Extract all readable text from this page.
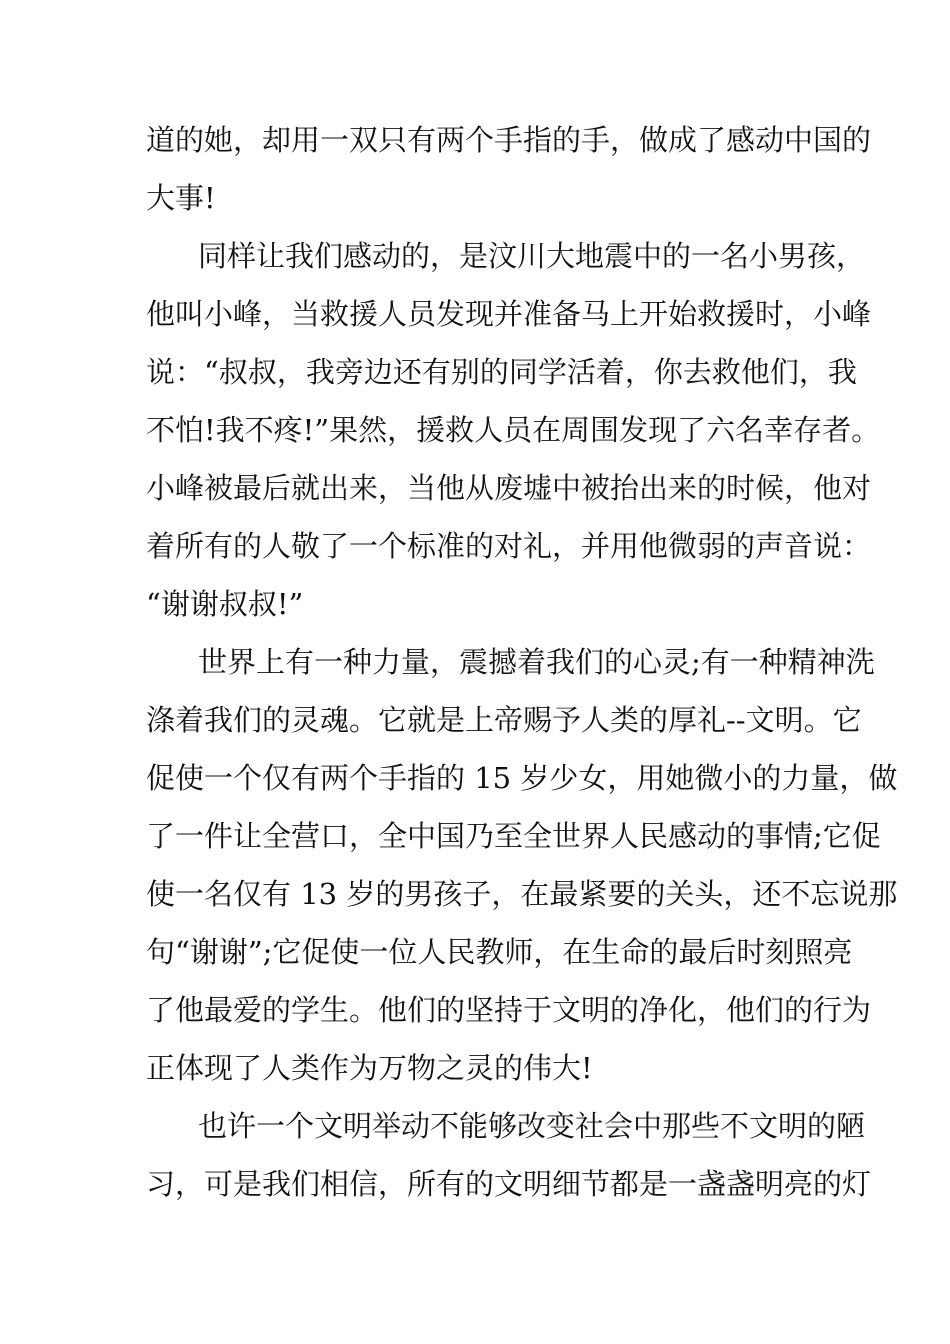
道的她，却用一双只有两个手指的手，做成了感动中国的
大事!
同样让我们感动的，是汶川大地震中的一名小男孩，
他叫小峰，当救援人员发现并准备马上开始救援时，小峰
说：“叔叔，我旁边还有别的同学活着，你去救他们，我
不怕!我不疼!”果然，援救人员在周围发现了六名幸存者。
小峰被最后就出来，当他从废墟中被抬出来的时候，他对
着所有的人敬了一个标准的对礼，并用他微弱的声音说：
“谢谢叔叔!”
世界上有一种力量，震撼着我们的心灵;有一种精神洗
涤着我们的灵魂。它就是上帝赐予人类的厚礼--文明。它
促使一个仅有两个手指的 15 岁少女，用她微小的力量，做
了一件让全营口，全中国乃至全世界人民感动的事情;它促
使一名仅有 13 岁的男孩子，在最紧要的关头，还不忘说那
句“谢谢”;它促使一位人民教师，在生命的最后时刻照亮
了他最爱的学生。他们的坚持于文明的净化，他们的行为
正体现了人类作为万物之灵的伟大!
也许一个文明举动不能够改变社会中那些不文明的陋
习，可是我们相信，所有的文明细节都是一盏盏明亮的灯
